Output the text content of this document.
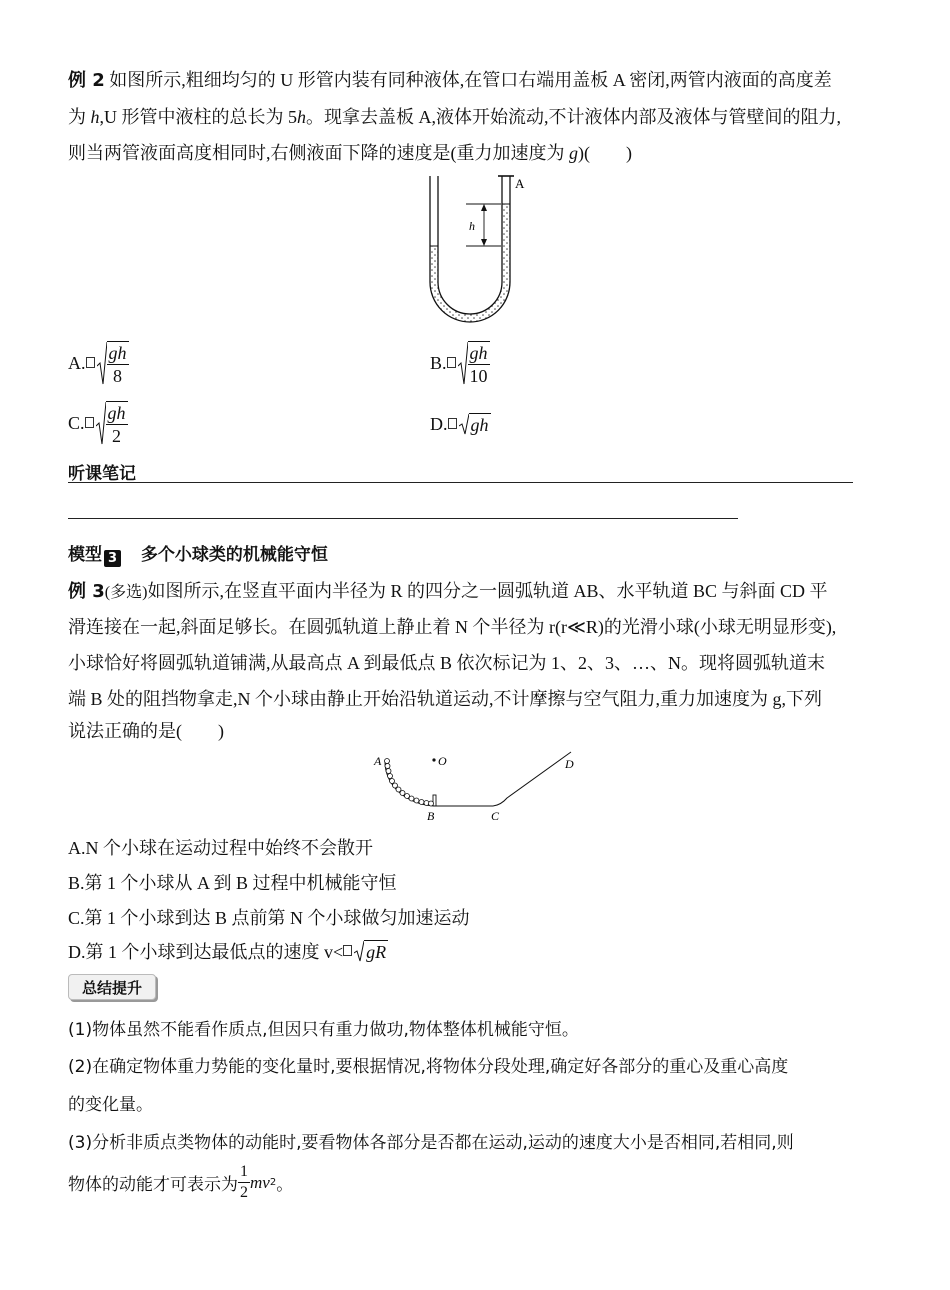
例 2 如图所示,粗细均匀的 U 形管内装有同种液体,在管口右端用盖板 A 密闭,两管内液面的高度差
为 h,U 形管中液柱的总长为 5h。现拿去盖板 A,液体开始流动,不计液体内部及液体与管壁间的阻力,
则当两管液面高度相同时,右侧液面下降的速度是(重力加速度为 g)(　　)
h
A
A. $\frac{gh}{8}$	B. $\frac{gh}{10}$
C. $\frac{gh}{2}$	D. gh
听课笔记
模型 3 多个小球类的机械能守恒
例 3(多选)如图所示,在竖直平面内半径为 R 的四分之一圆弧轨道 AB、水平轨道 BC 与斜面 CD 平
滑连接在一起,斜面足够长。在圆弧轨道上静止着 N 个半径为 r(r≪R)的光滑小球(小球无明显形变),
小球恰好将圆弧轨道铺满,从最高点 A 到最低点 B 依次标记为 1、2、3、…、N。现将圆弧轨道末
端 B 处的阻挡物拿走,N 个小球由静止开始沿轨道运动,不计摩擦与空气阻力,重力加速度为 g,下列
说法正确的是(　　)
A	O
B	C
D
A.N 个小球在运动过程中始终不会散开
B.第 1 个小球从 A 到 B 过程中机械能守恒
C.第 1 个小球到达 B 点前第 N 个小球做匀加速运动
D.第 1 个小球到达最低点的速度 v< gR
总结提升
(1)物体虽然不能看作质点,但因只有重力做功,物体整体机械能守恒。
(2)在确定物体重力势能的变化量时,要根据情况,将物体分段处理,确定好各部分的重心及重心高度
的变化量。
(3)分析非质点类物体的动能时,要看物体各部分是否都在运动,运动的速度大小是否相同,若相同,则
物体的动能才可表示为 $\frac{1}{2}$ mv 2 。
